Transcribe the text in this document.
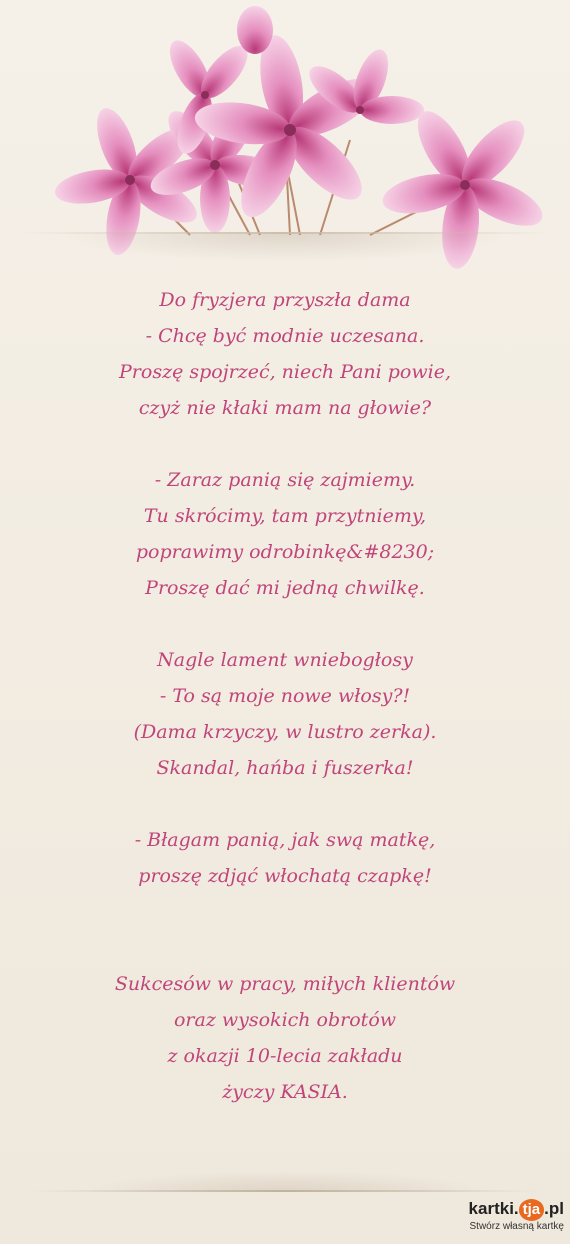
Do fryzjera przyszła dama
- Chcę być modnie uczesana.
Proszę spojrzeć, niech Pani powie,
czyż nie kłaki mam na głowie?
- Zaraz panią się zajmiemy.
Tu skrócimy, tam przytniemy,
poprawimy odrobinkę&#8230;
Proszę dać mi jedną chwilkę.
Nagle lament wniebogłosy
- To są moje nowe włosy?!
(Dama krzyczy, w lustro zerka).
Skandal, hańba i fuszerka!
- Błagam panią, jak swą matkę,
proszę zdjąć włochatą czapkę!
Sukcesów w pracy, miłych klientów
oraz wysokich obrotów
z okazji 10-lecia zakładu
życzy KASIA.
kartki. tja .pl
Stwórz własną kartkę
